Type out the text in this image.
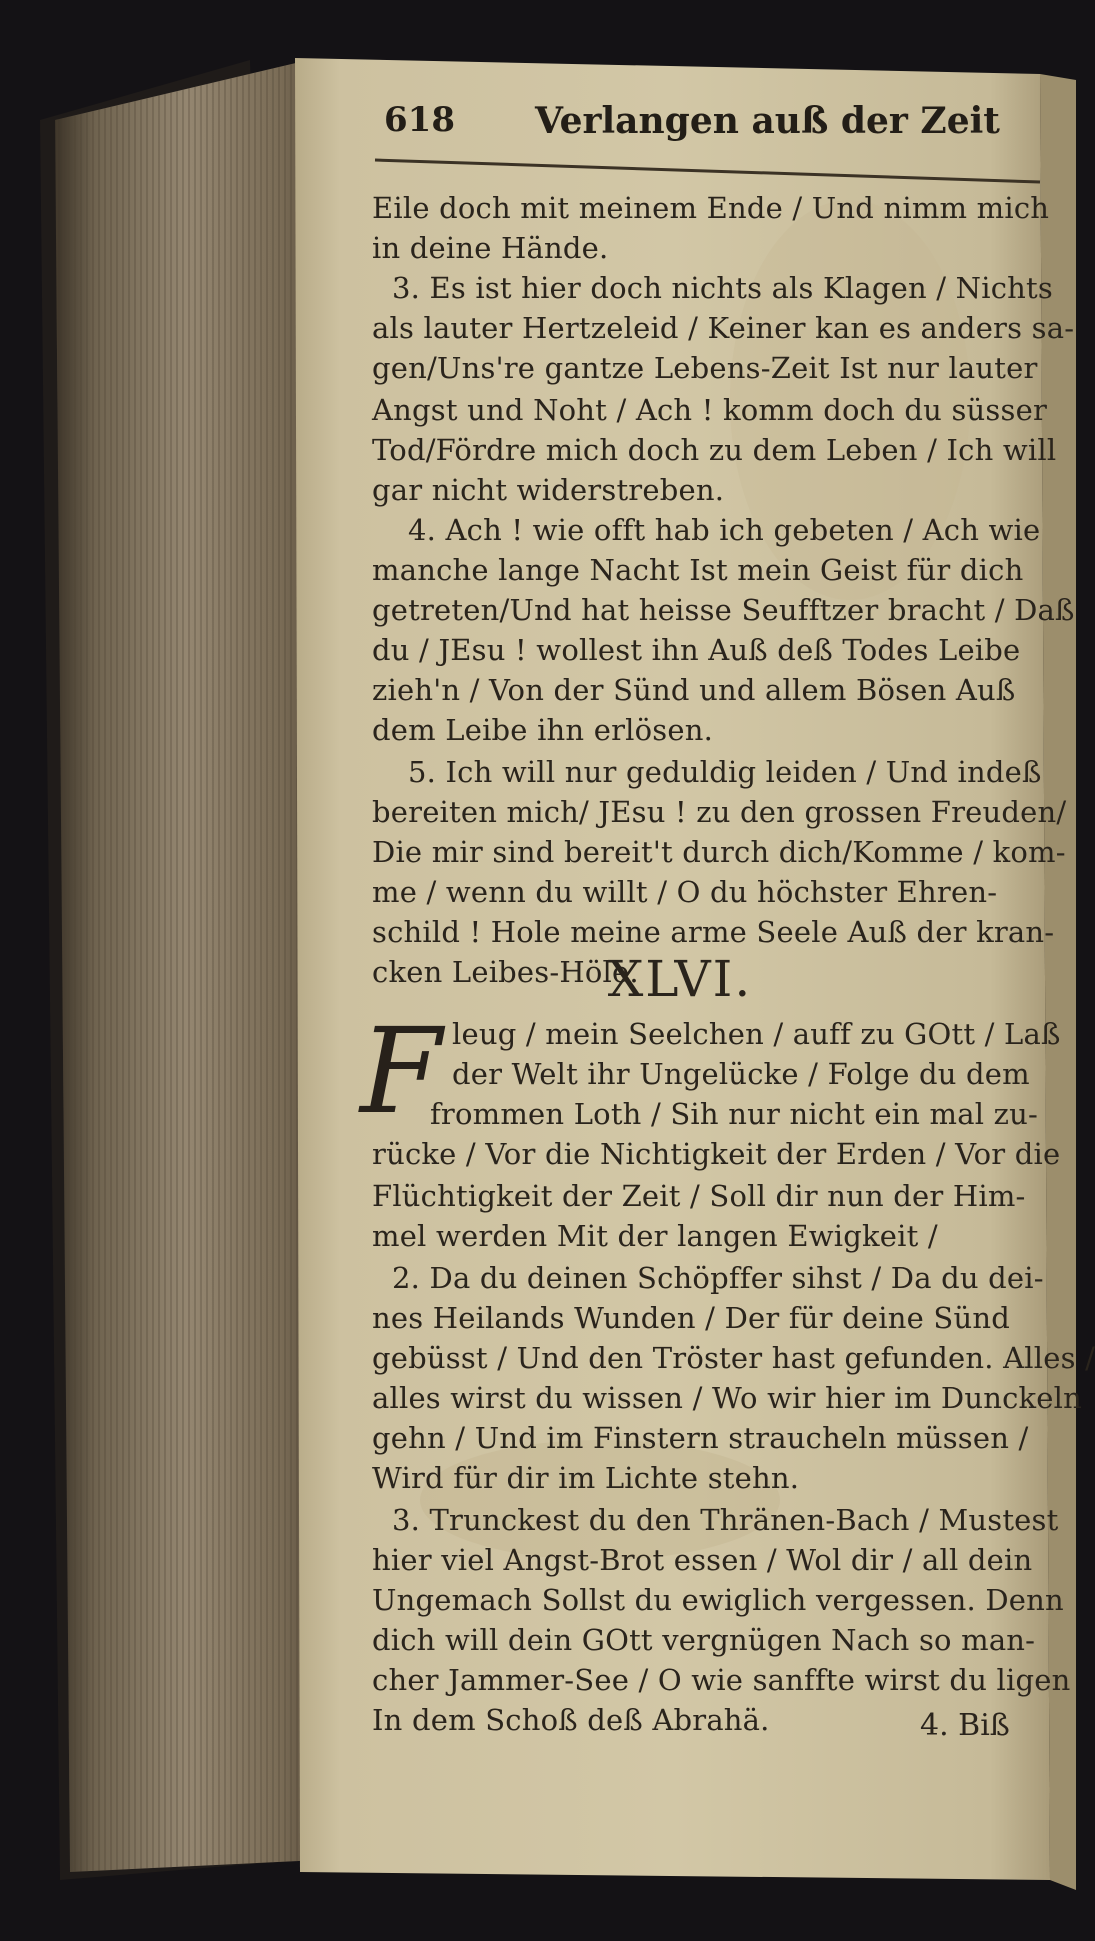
618 Verlangen auß der Zeit
Eile doch mit meinem Ende / Und nimm mich
in deine Hände.
3. Es ist hier doch nichts als Klagen / Nichts
als lauter Hertzeleid / Keiner kan es anders sa-
gen/Uns're gantze Lebens-Zeit Ist nur lauter
Angst und Noht / Ach ! komm doch du süsser
Tod/Fördre mich doch zu dem Leben / Ich will
gar nicht widerstreben.
4. Ach ! wie offt hab ich gebeten / Ach wie
manche lange Nacht Ist mein Geist für dich
getreten/Und hat heisse Seufftzer bracht / Daß
du / JEsu ! wollest ihn Auß deß Todes Leibe
zieh'n / Von der Sünd und allem Bösen Auß
dem Leibe ihn erlösen.
5. Ich will nur geduldig leiden / Und indeß
bereiten mich/ JEsu ! zu den grossen Freuden/
Die mir sind bereit't durch dich/Komme / kom-
me / wenn du willt / O du höchster Ehren-
schild ! Hole meine arme Seele Auß der kran-
cken Leibes-Höle.
XLVI.
F leug / mein Seelchen / auff zu GOtt / Laß
der Welt ihr Ungelücke / Folge du dem
frommen Loth / Sih nur nicht ein mal zu-
rücke / Vor die Nichtigkeit der Erden / Vor die
Flüchtigkeit der Zeit / Soll dir nun der Him-
mel werden Mit der langen Ewigkeit /
2. Da du deinen Schöpffer sihst / Da du dei-
nes Heilands Wunden / Der für deine Sünd
gebüsst / Und den Tröster hast gefunden. Alles /
alles wirst du wissen / Wo wir hier im Dunckeln
gehn / Und im Finstern straucheln müssen /
Wird für dir im Lichte stehn.
3. Trunckest du den Thränen-Bach / Mustest
hier viel Angst-Brot essen / Wol dir / all dein
Ungemach Sollst du ewiglich vergessen. Denn
dich will dein GOtt vergnügen Nach so man-
cher Jammer-See / O wie sanffte wirst du ligen
In dem Schoß deß Abrahä.	4. Biß
